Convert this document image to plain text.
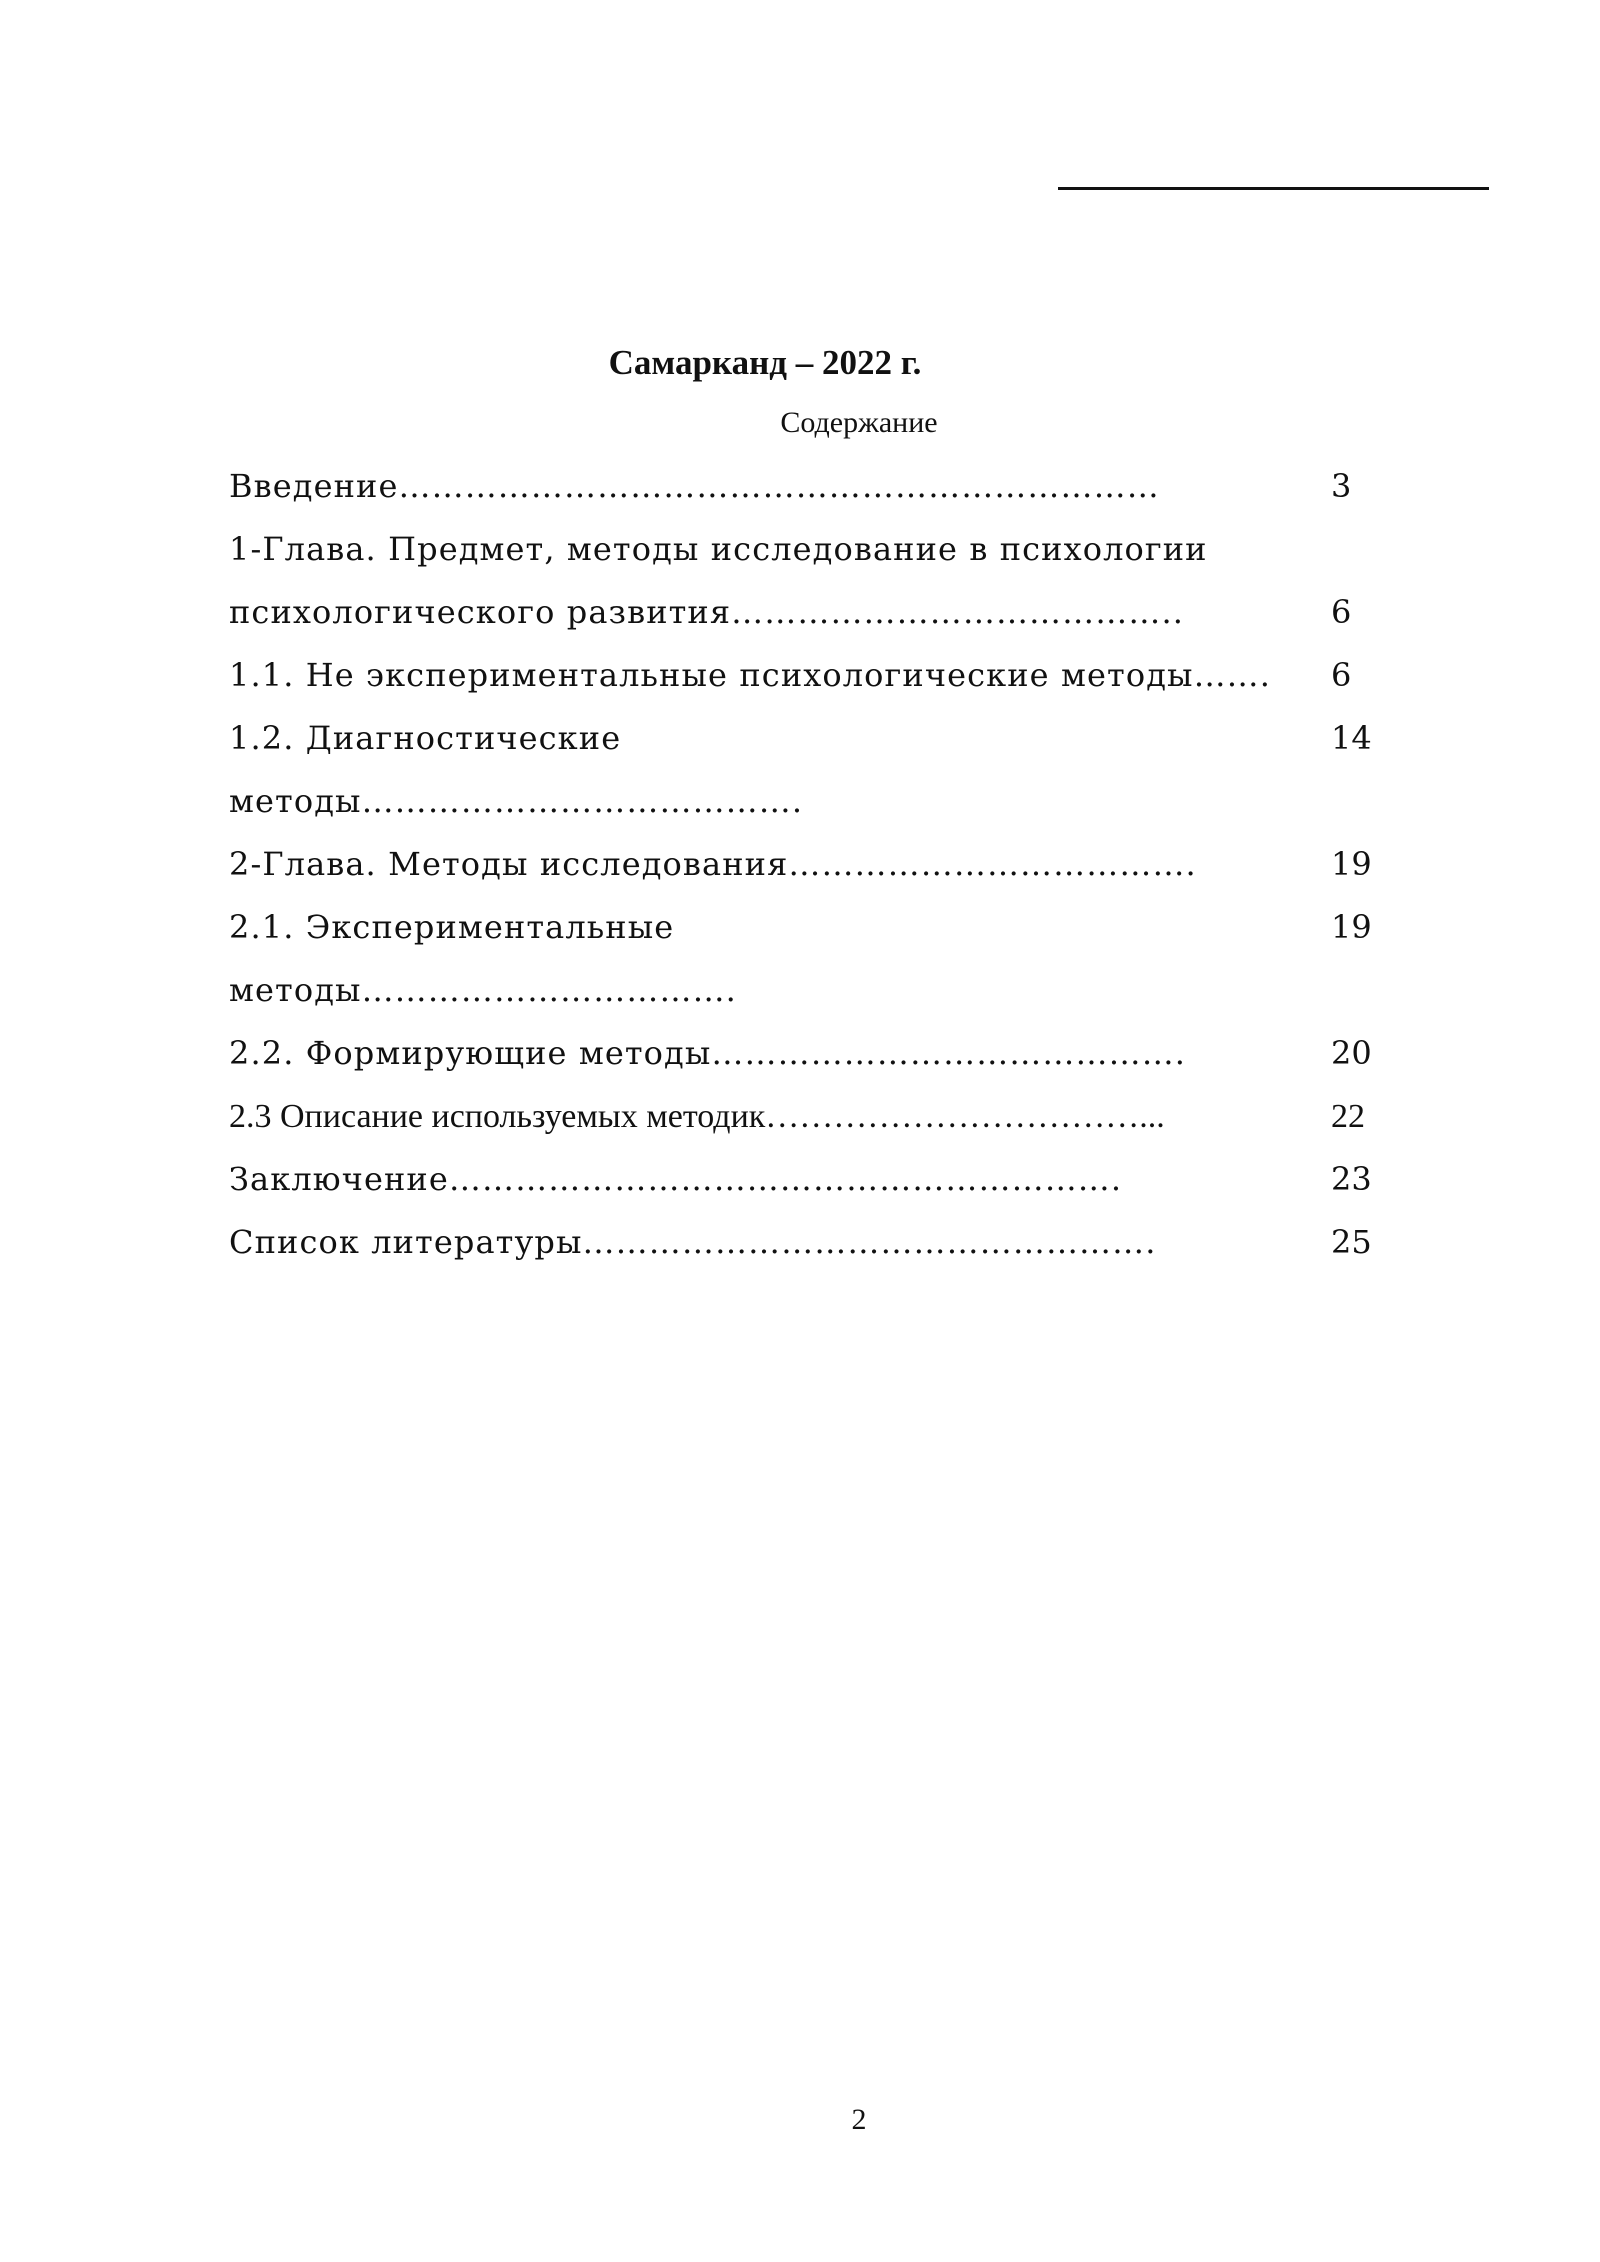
Самарканд – 2022 г.
Содержание
Введение……………………………………………………………	3
1-Глава. Предмет, методы исследование в психологии
психологического развития…………………………………..	6
1.1. Не экспериментальные психологические методы……. 6
1.2. Диагностические	14
методы………………………………….
2-Глава. Методы исследования……………………………….	19
2.1. Экспериментальные	19
методы…………………………….
2.2. Формирующие методы…………………………………….	20
2.3 Описание используемых методик……………………………...	22
Заключение…………………………………………………….	23
Список литературы…………………………………………….	25
2
